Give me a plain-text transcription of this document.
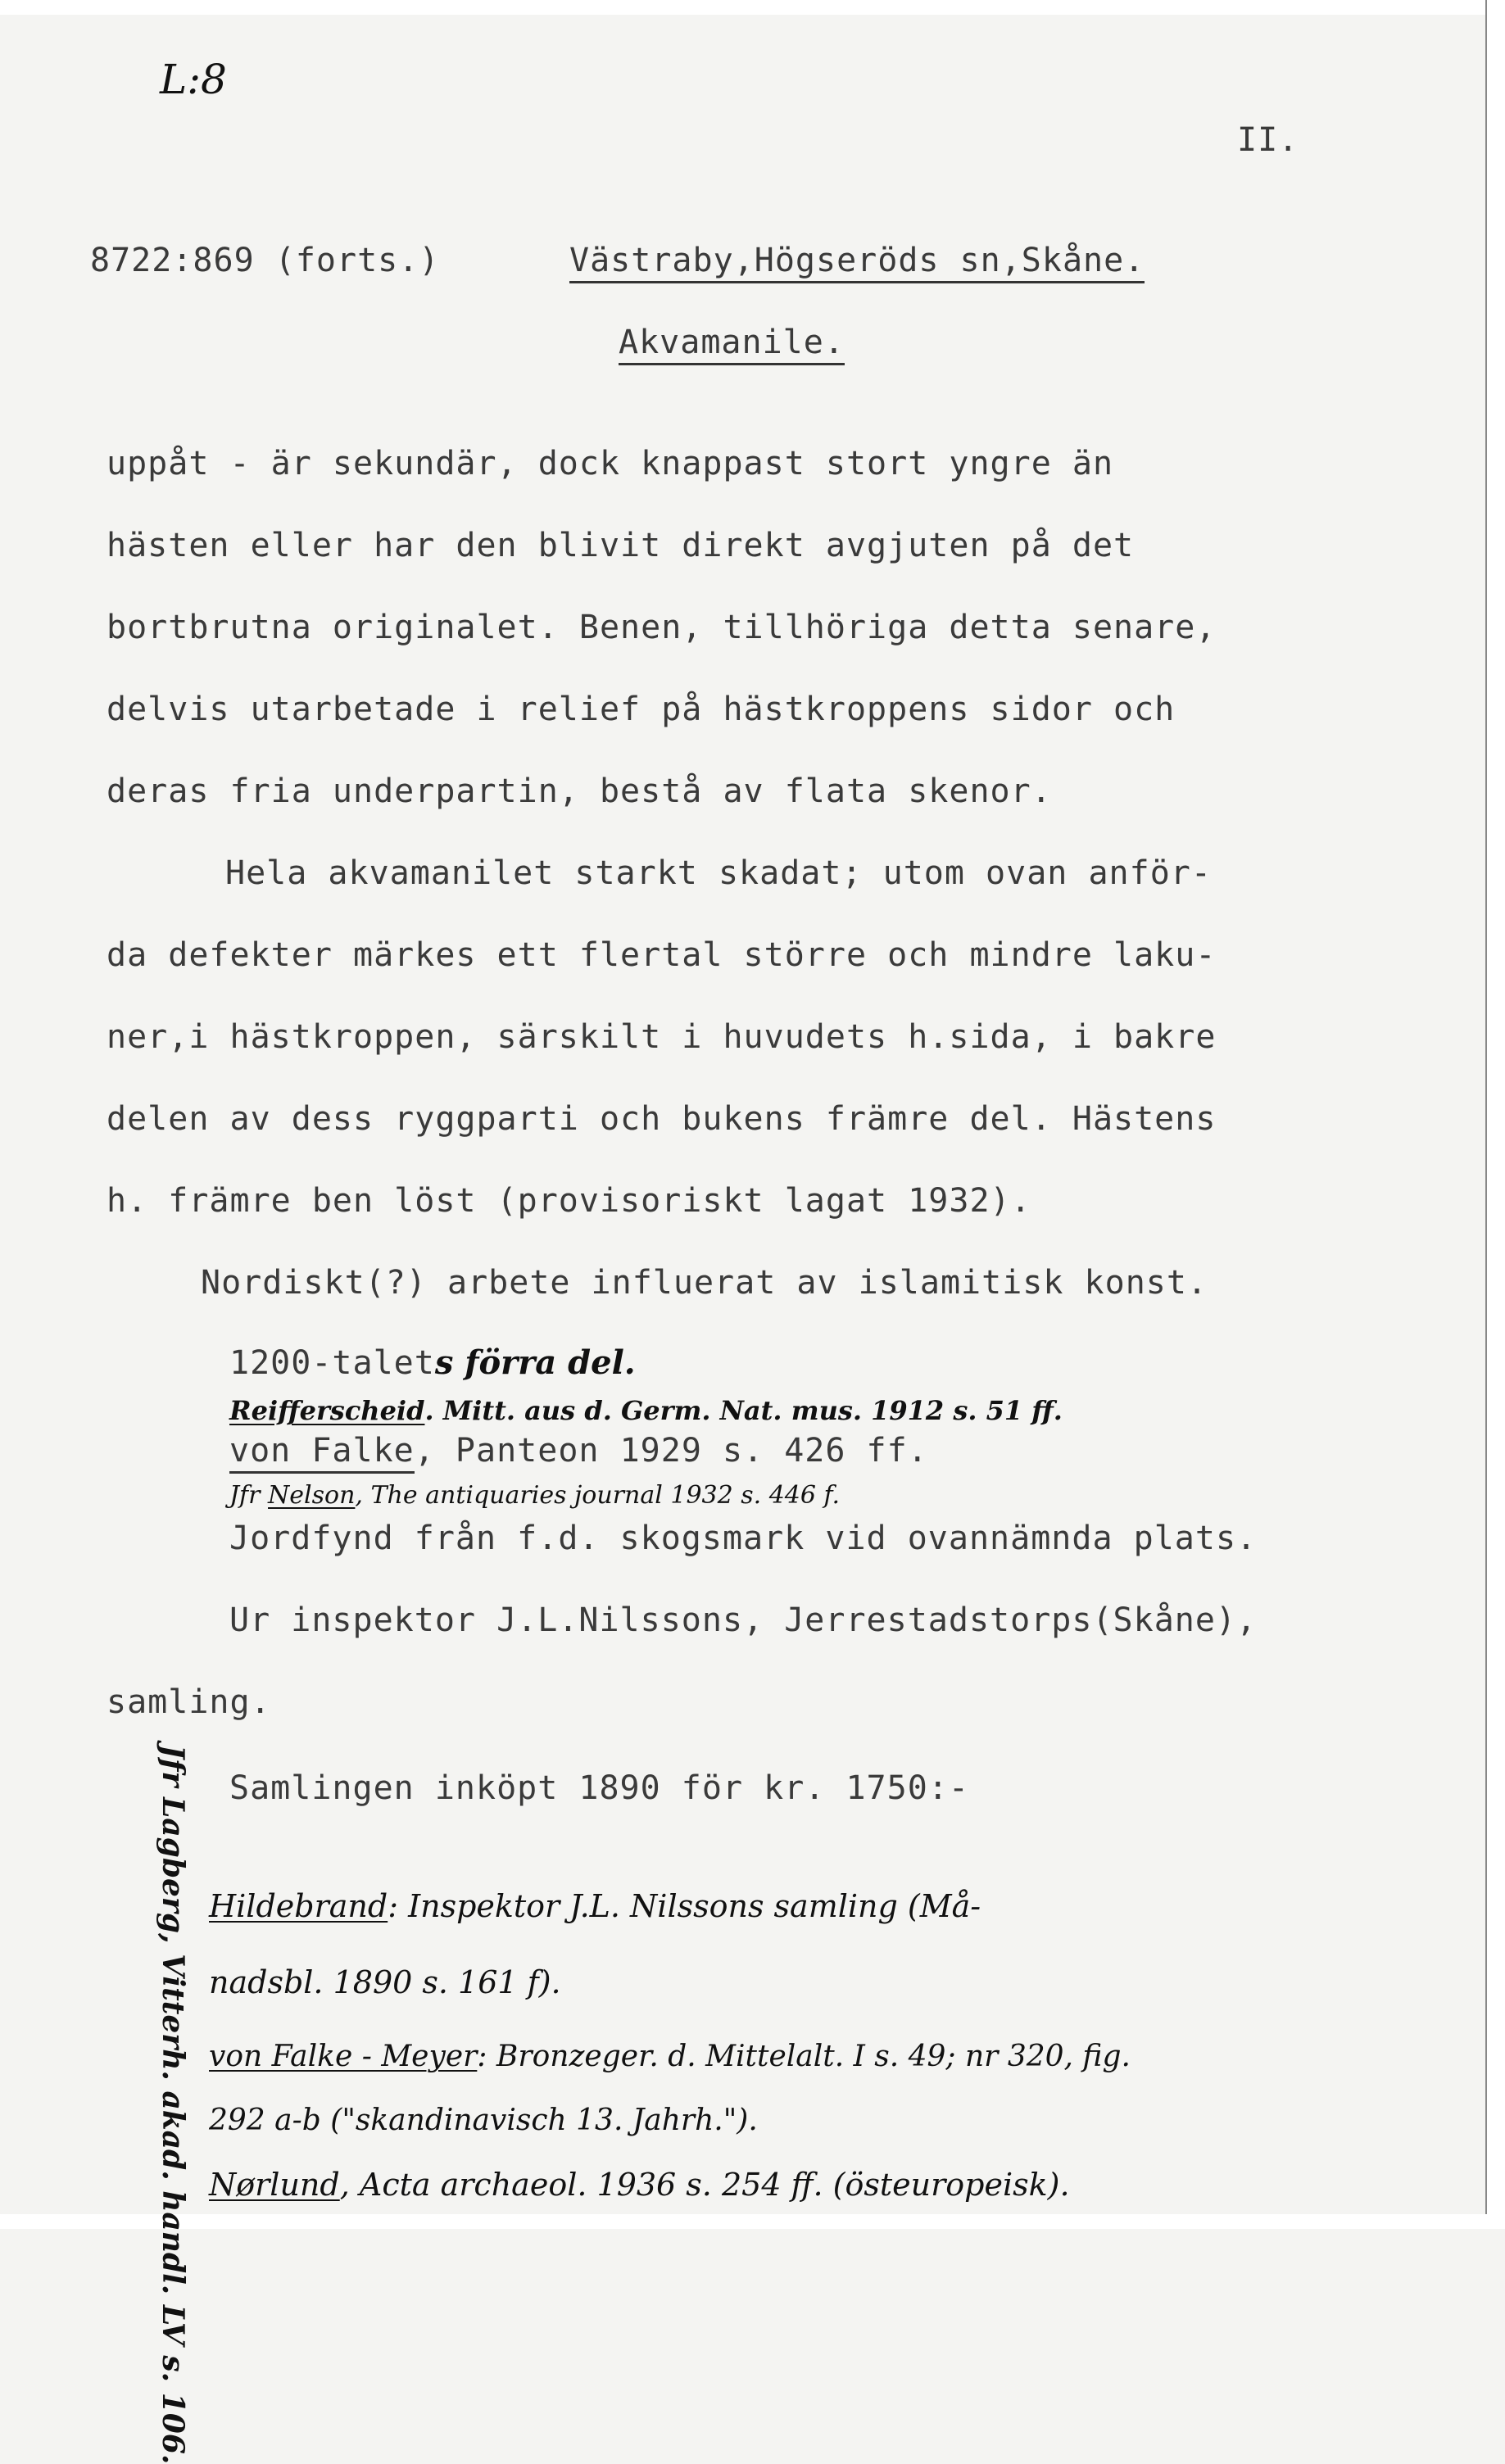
L:8
II.
8722:869 (forts.)	Västraby,Högseröds sn,Skåne.
Akvamanile.
uppåt - är sekundär, dock knappast stort yngre än
hästen eller har den blivit direkt avgjuten på det
bortbrutna originalet. Benen, tillhöriga detta senare,
delvis utarbetade i relief på hästkroppens sidor och
deras fria underpartin, bestå av flata skenor.
Hela akvamanilet starkt skadat; utom ovan anför-
da defekter märkes ett flertal större och mindre laku-
ner,i hästkroppen, särskilt i huvudets h.sida, i bakre
delen av dess ryggparti och bukens främre del. Hästens
h. främre ben löst (provisoriskt lagat 1932).
Nordiskt(?) arbete influerat av islamitisk konst.
1200-talets förra del.
Reifferscheid. Mitt. aus d. Germ. Nat. mus. 1912 s. 51 ff.
von Falke, Panteon 1929 s. 426 ff.
Jfr Nelson, The antiquaries journal 1932 s. 446 f.
Jordfynd från f.d. skogsmark vid ovannämnda plats.
Ur inspektor J.L.Nilssons, Jerrestadstorps(Skåne),
samling.
Samlingen inköpt 1890 för kr. 1750:-
Jfr Lagberg, Vitterh. akad. handl. LV s. 106. Hildebrand: Inspektor J.L. Nilssons samling (Må-
nadsbl. 1890 s. 161 f).
von Falke - Meyer: Bronzeger. d. Mittelalt. I s. 49; nr 320, fig.
292 a-b ("skandinavisch 13. Jahrh.").
Nørlund, Acta archaeol. 1936 s. 254 ff. (östeuropeisk).
